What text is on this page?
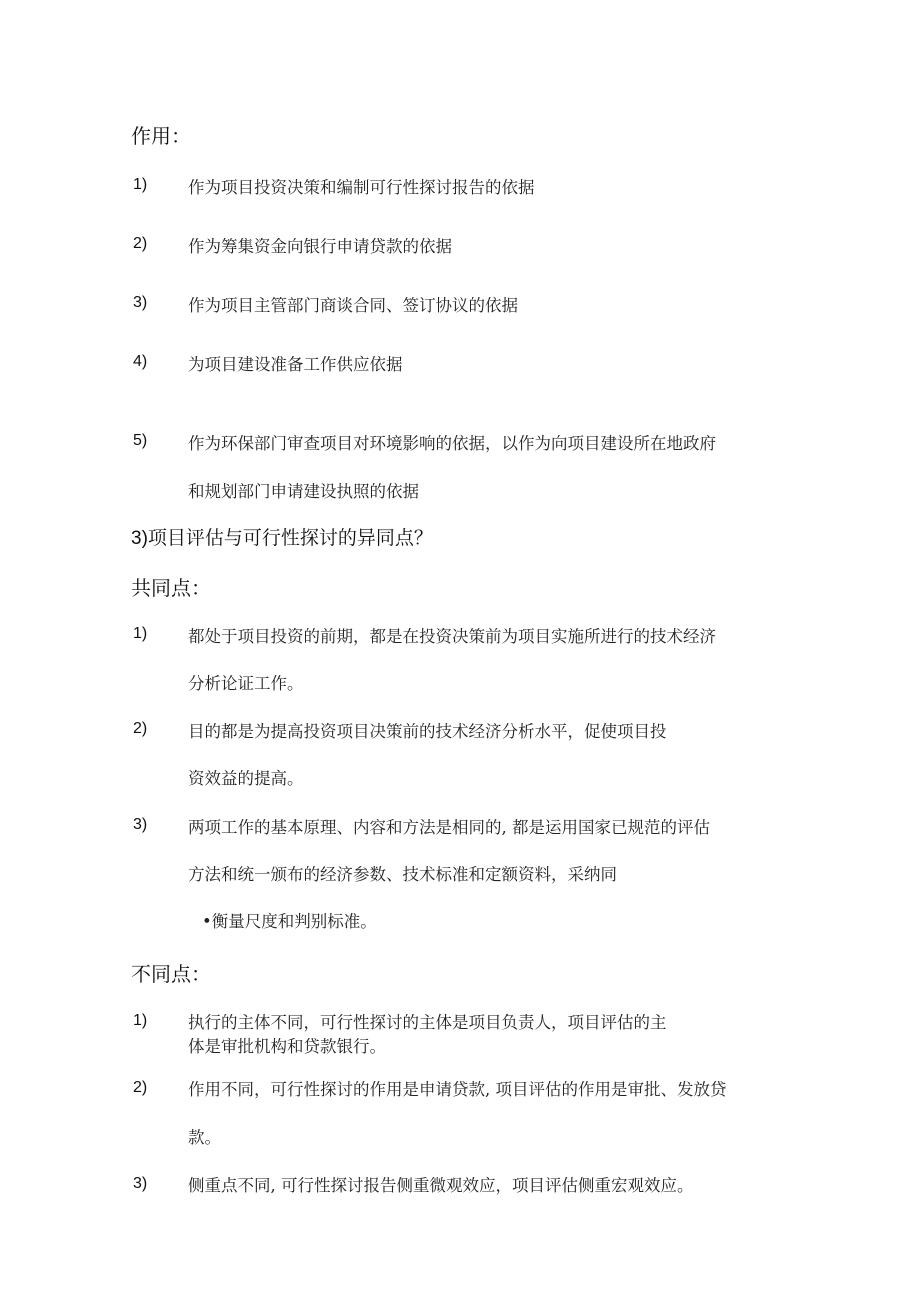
作用：
1) 作为项目投资决策和编制可行性探讨报告的依据
2) 作为筹集资金向银行申请贷款的依据
3) 作为项目主管部门商谈合同、签订协议的依据
4) 为项目建设准备工作供应依据
5) 作为环保部门审查项目对环境影响的依据，以作为向项目建设所在地政府
和规划部门申请建设执照的依据
3)项目评估与可行性探讨的异同点？
共同点：
1) 都处于项目投资的前期，都是在投资决策前为项目实施所进行的技术经济
分析论证工作。
2) 目的都是为提高投资项目决策前的技术经济分析水平，促使项目投
资效益的提高。
3) 两项工作的基本原理、内容和方法是相同的, 都是运用国家已规范的评估
方法和统一颁布的经济参数、技术标准和定额资料，采纳同
•衡量尺度和判别标准。
不同点：
1) 执行的主体不同，可行性探讨的主体是项目负责人，项目评估的主
体是审批机构和贷款银行。
2) 作用不同，可行性探讨的作用是申请贷款, 项目评估的作用是审批、发放贷
款。
3) 侧重点不同, 可行性探讨报告侧重微观效应，项目评估侧重宏观效应。
